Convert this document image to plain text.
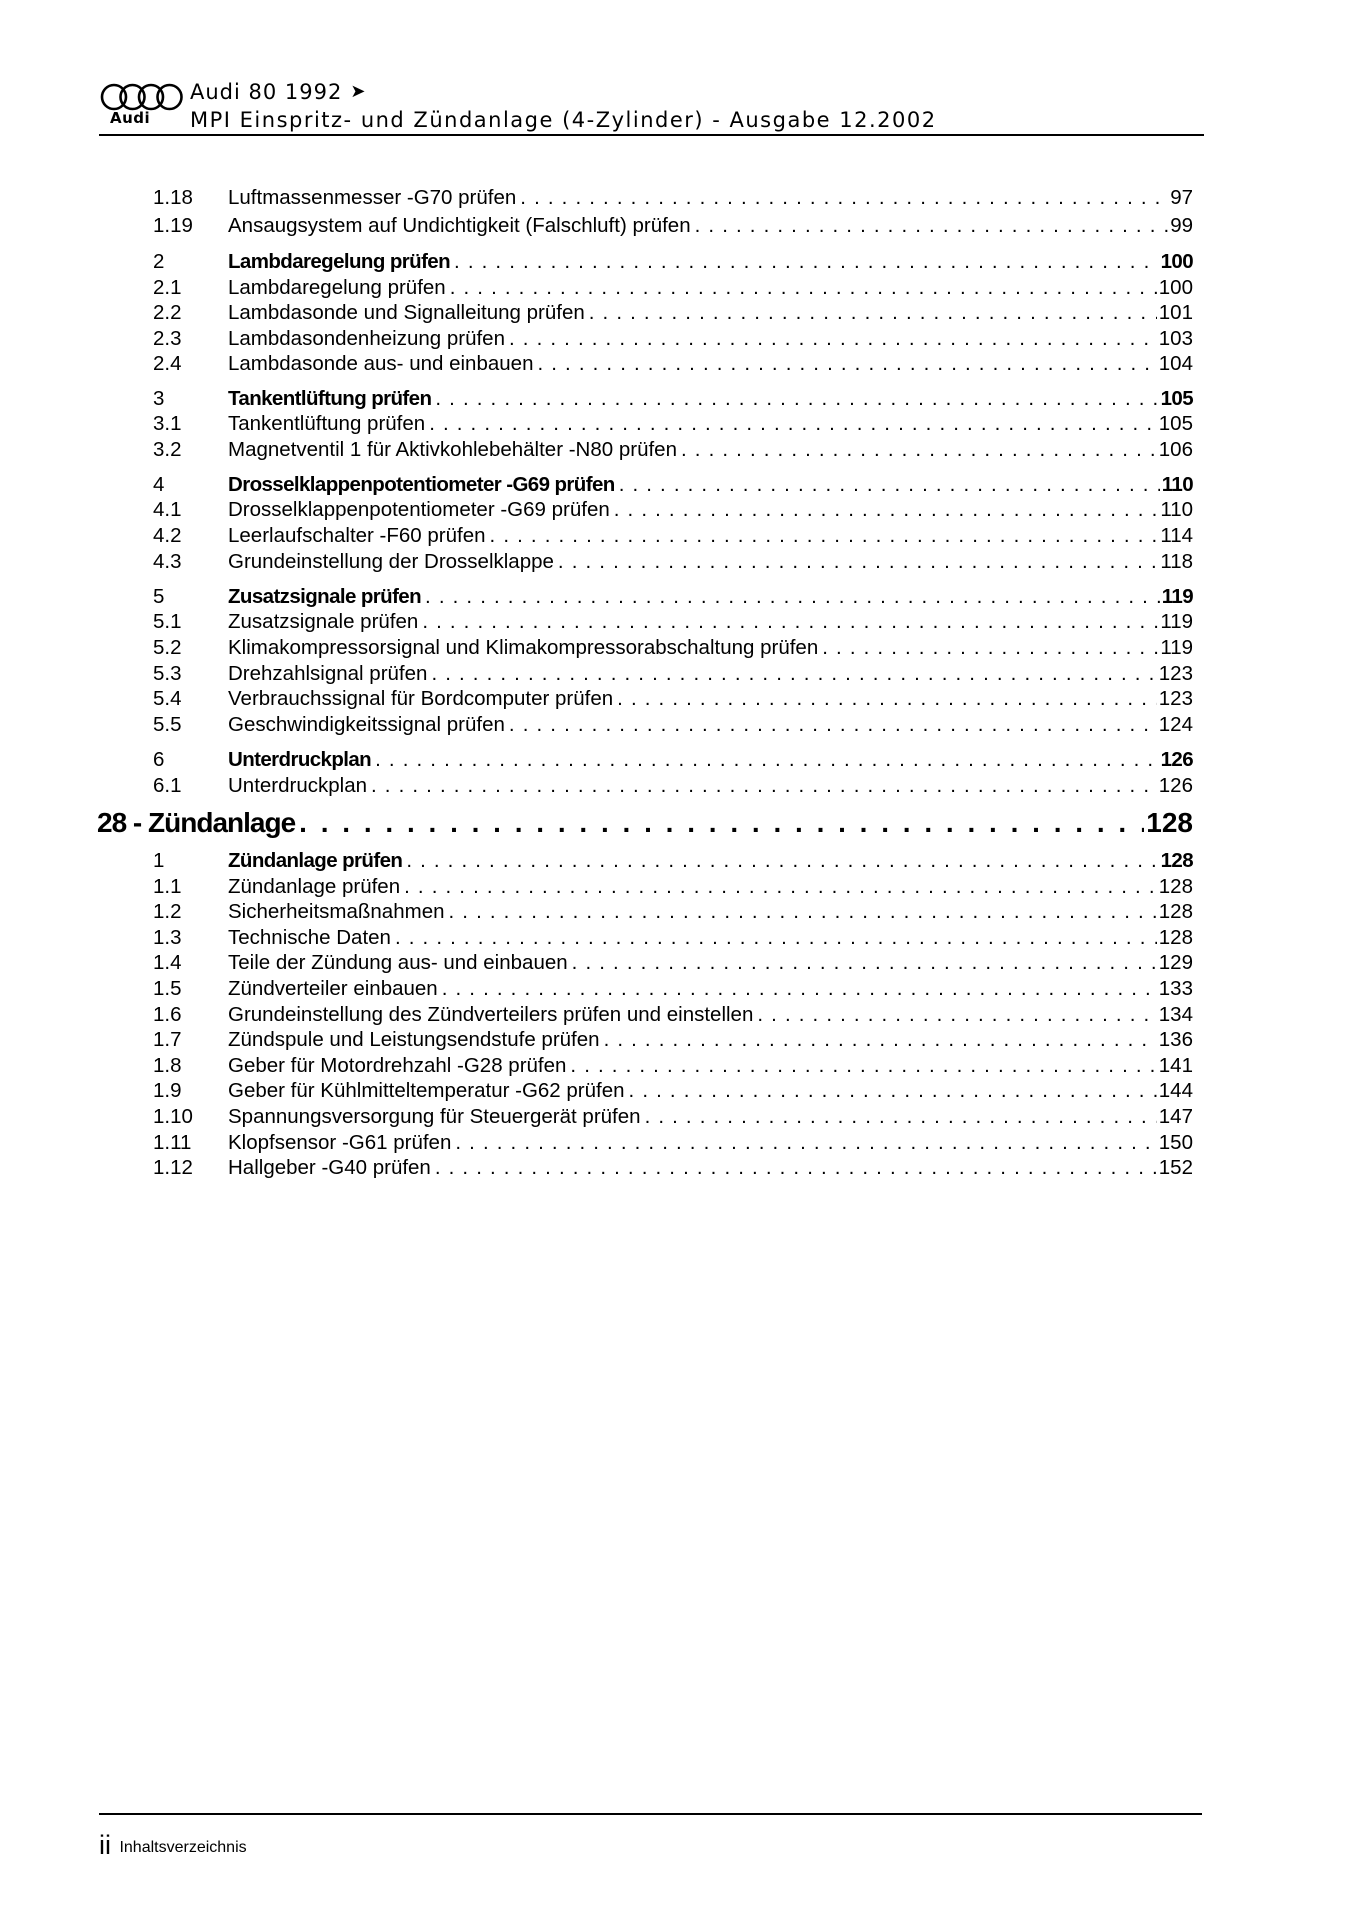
Audi
Audi 80 1992 ➤
MPI Einspritz- und Zündanlage (4-Zylinder) - Ausgabe 12.2002
1.18	Luftmassenmesser -G70 prüfen . . .	97
1.19	Ansaugsystem auf Undichtigkeit (Falschluft) prüfen . . .	99
2	Lambdaregelung prüfen . . .	100
2.1	Lambdaregelung prüfen . . .	100
2.2	Lambdasonde und Signalleitung prüfen . . .	101
2.3	Lambdasondenheizung prüfen . . .	103
2.4	Lambdasonde aus- und einbauen . . .	104
3	Tankentlüftung prüfen . . .	105
3.1	Tankentlüftung prüfen . . .	105
3.2	Magnetventil 1 für Aktivkohlebehälter -N80 prüfen . . .	106
4	Drosselklappenpotentiometer -G69 prüfen . . .	110
4.1	Drosselklappenpotentiometer -G69 prüfen . . .	110
4.2	Leerlaufschalter -F60 prüfen . . .	114
4.3	Grundeinstellung der Drosselklappe . . .	118
5	Zusatzsignale prüfen . . .	119
5.1	Zusatzsignale prüfen . . .	119
5.2	Klimakompressorsignal und Klimakompressorabschaltung prüfen . . .	119
5.3	Drehzahlsignal prüfen . . .	123
5.4	Verbrauchssignal für Bordcomputer prüfen . . .	123
5.5	Geschwindigkeitssignal prüfen . . .	124
6	Unterdruckplan . . .	126
6.1	Unterdruckplan . . .	126
28 - Zündanlage . . .	128
1	Zündanlage prüfen . . .	128
1.1	Zündanlage prüfen . . .	128
1.2	Sicherheitsmaßnahmen . . .	128
1.3	Technische Daten . . .	128
1.4	Teile der Zündung aus- und einbauen . . .	129
1.5	Zündverteiler einbauen . . .	133
1.6	Grundeinstellung des Zündverteilers prüfen und einstellen . . .	134
1.7	Zündspule und Leistungsendstufe prüfen . . .	136
1.8	Geber für Motordrehzahl -G28 prüfen . . .	141
1.9	Geber für Kühlmitteltemperatur -G62 prüfen . . .	144
1.10	Spannungsversorgung für Steuergerät prüfen . . .	147
1.11	Klopfsensor -G61 prüfen . . .	150
1.12	Hallgeber -G40 prüfen . . .	152
ii Inhaltsverzeichnis
